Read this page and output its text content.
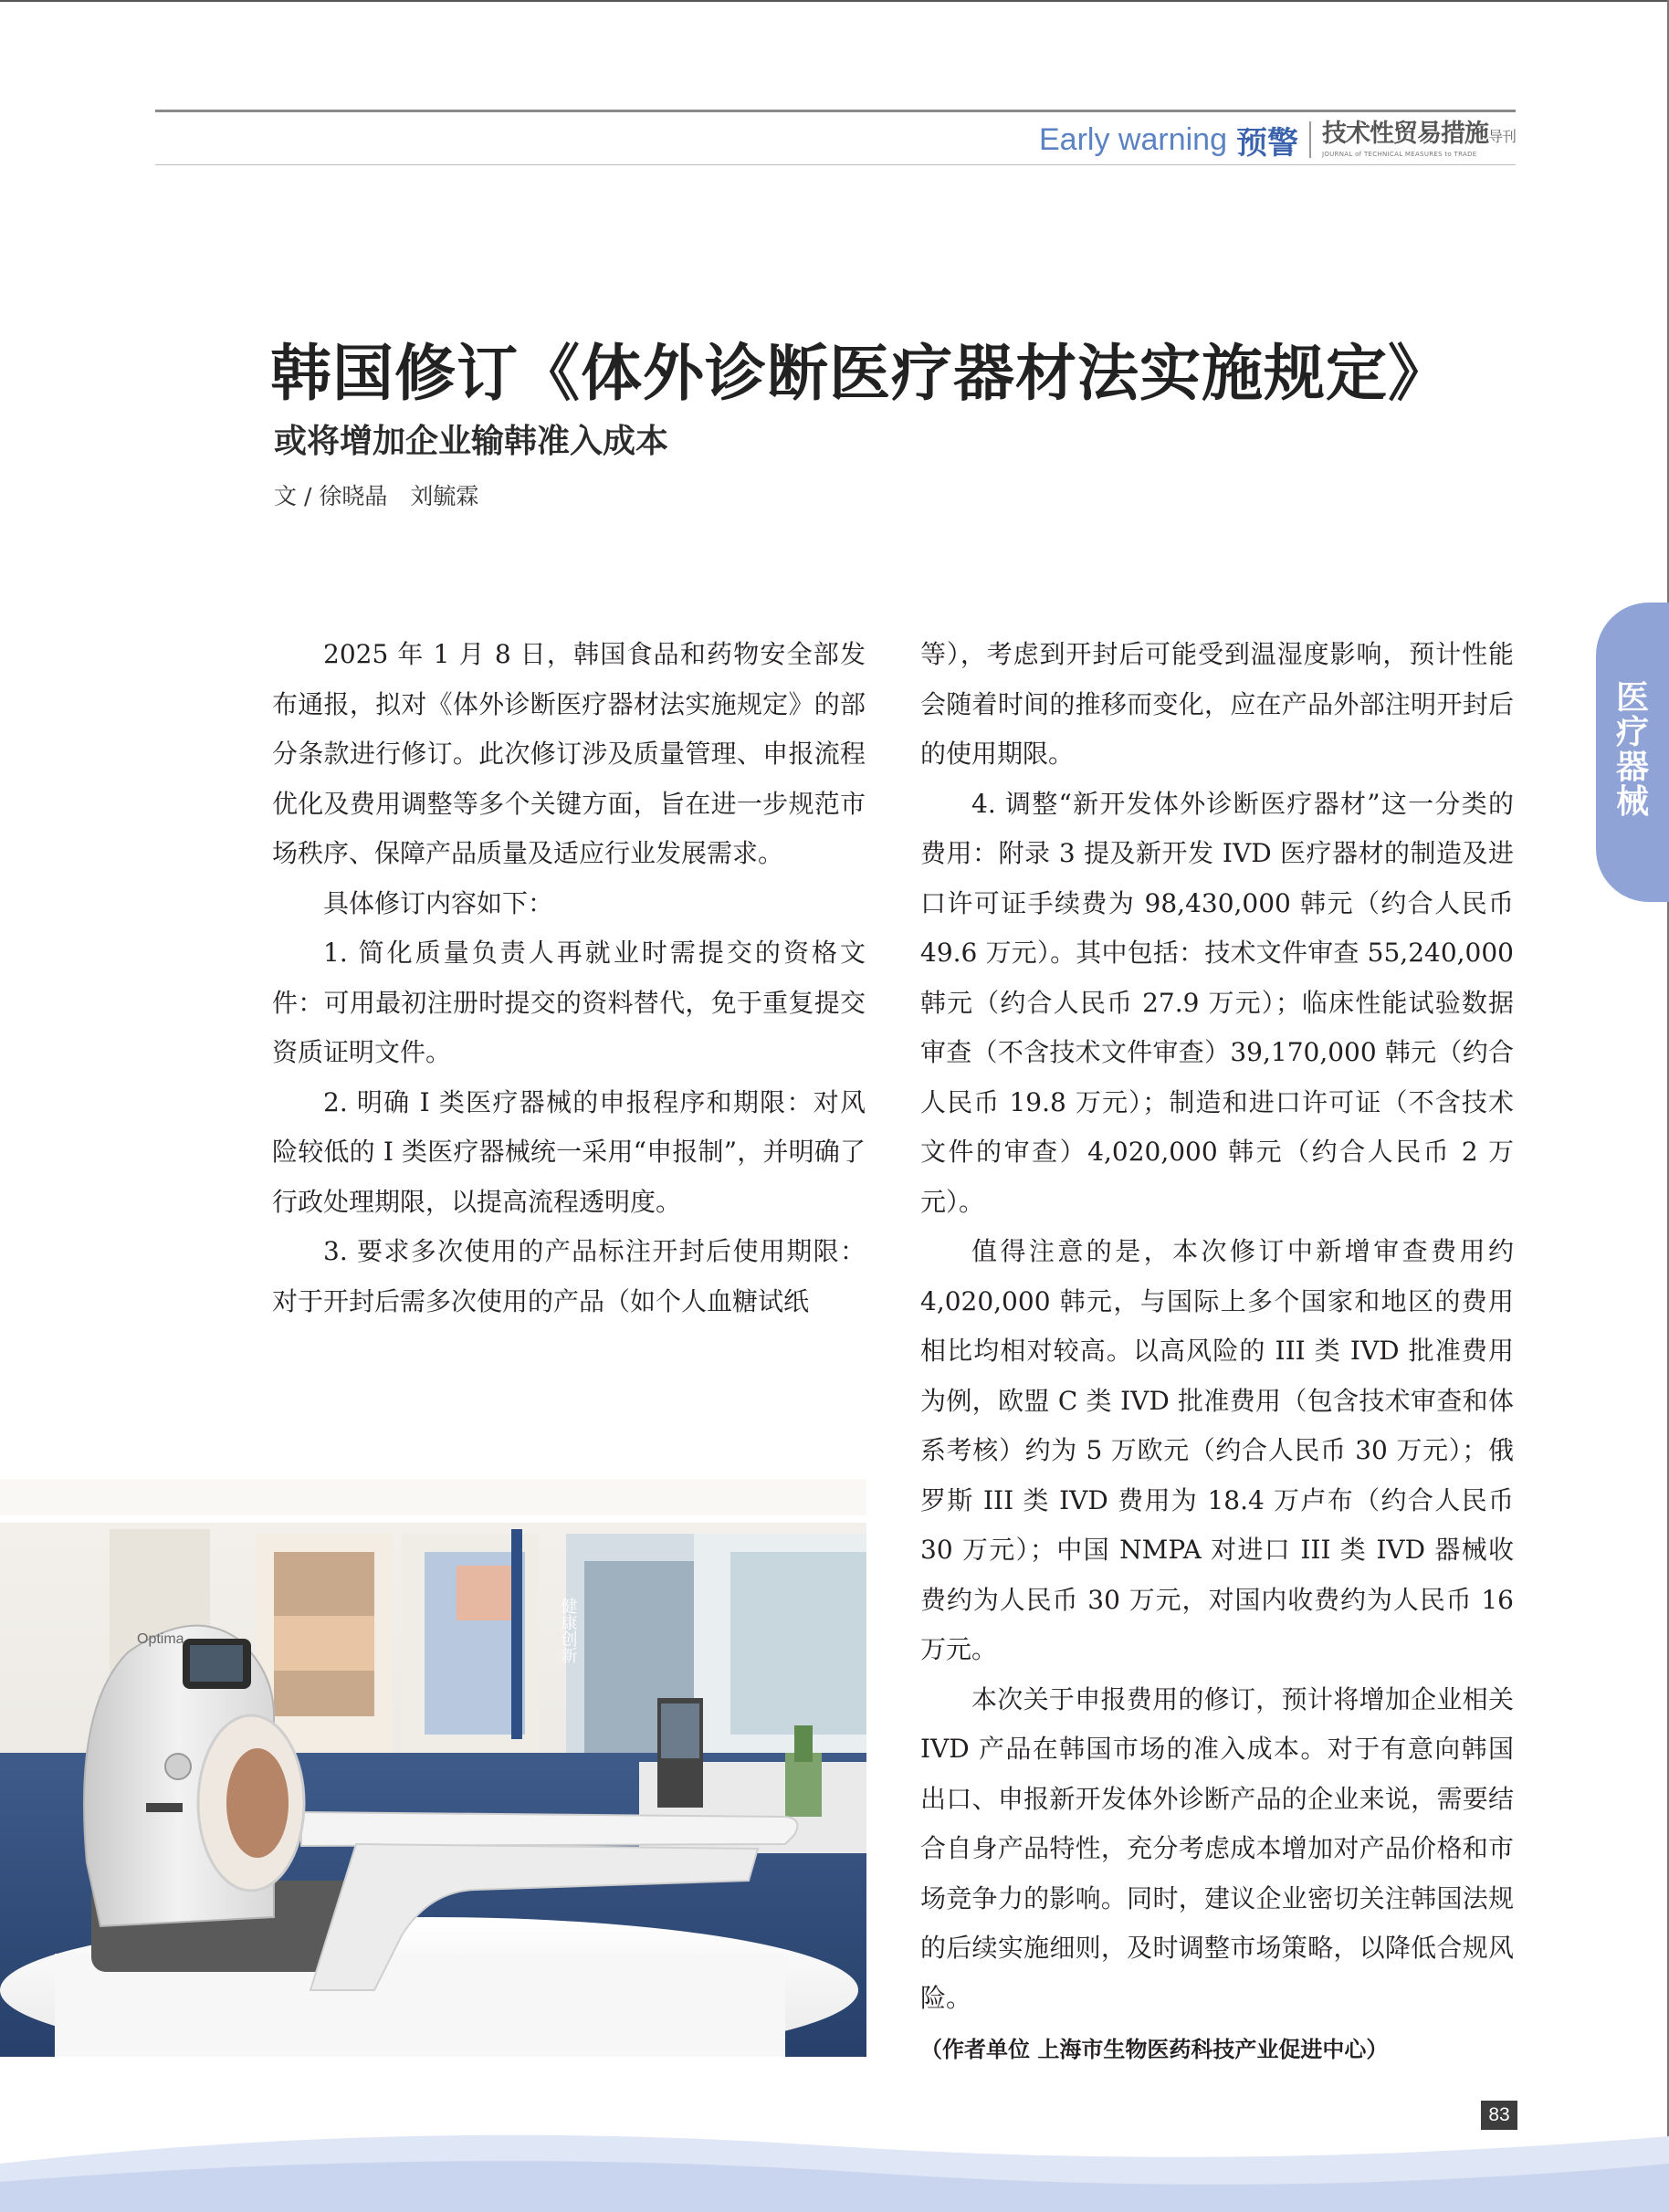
Early warning 预警 技术性贸易措施导刊
JOURNAL of TECHNICAL MEASURES to TRADE
医
疗
器
械
韩国修订《体外诊断医疗器材法实施规定》
或将增加企业输韩准入成本
文 / 徐晓晶　刘毓霖

2025 年 1 月 8 日，韩国食品和药物安全部发布通报，拟对《体外诊断医疗器材法实施规定》的部分条款进行修订。此次修订涉及质量管理、申报流程优化及费用调整等多个关键方面，旨在进一步规范市场秩序、保障产品质量及适应行业发展需求。

具体修订内容如下：

1. 简化质量负责人再就业时需提交的资格文件：可用最初注册时提交的资料替代，免于重复提交资质证明文件。

2. 明确 I 类医疗器械的申报程序和期限：对风险较低的 I 类医疗器械统一采用“申报制”，并明确了行政处理期限，以提高流程透明度。

3. 要求多次使用的产品标注开封后使用期限：对于开封后需多次使用的产品（如个人血糖试纸

等），考虑到开封后可能受到温湿度影响，预计性能会随着时间的推移而变化，应在产品外部注明开封后的使用期限。

4. 调整“新开发体外诊断医疗器材”这一分类的费用：附录 3 提及新开发 IVD 医疗器材的制造及进口许可证手续费为 98,430,000 韩元（约合人民币 49.6 万元）。其中包括：技术文件审查 55,240,000 韩元（约合人民币 27.9 万元）；临床性能试验数据审查（不含技术文件审查）39,170,000 韩元（约合人民币 19.8 万元）；制造和进口许可证（不含技术文件的审查）4,020,000 韩元（约合人民币 2 万元）。

值得注意的是，本次修订中新增审查费用约 4,020,000 韩元，与国际上多个国家和地区的费用相比均相对较高。以高风险的 III 类 IVD 批准费用为例，欧盟 C 类 IVD 批准费用（包含技术审查和体系考核）约为 5 万欧元（约合人民币 30 万元）；俄罗斯 III 类 IVD 费用为 18.4 万卢布（约合人民币 30 万元）；中国 NMPA 对进口 III 类 IVD 器械收费约为人民币 30 万元，对国内收费约为人民币 16 万元。

本次关于申报费用的修订，预计将增加企业相关 IVD 产品在韩国市场的准入成本。对于有意向韩国出口、申报新开发体外诊断产品的企业来说，需要结合自身产品特性，充分考虑成本增加对产品价格和市场竞争力的影响。同时，建议企业密切关注韩国法规的后续实施细则，及时调整市场策略，以降低合规风险。

（作者单位 上海市生物医药科技产业促进中心）

Optima	健康创新
83
